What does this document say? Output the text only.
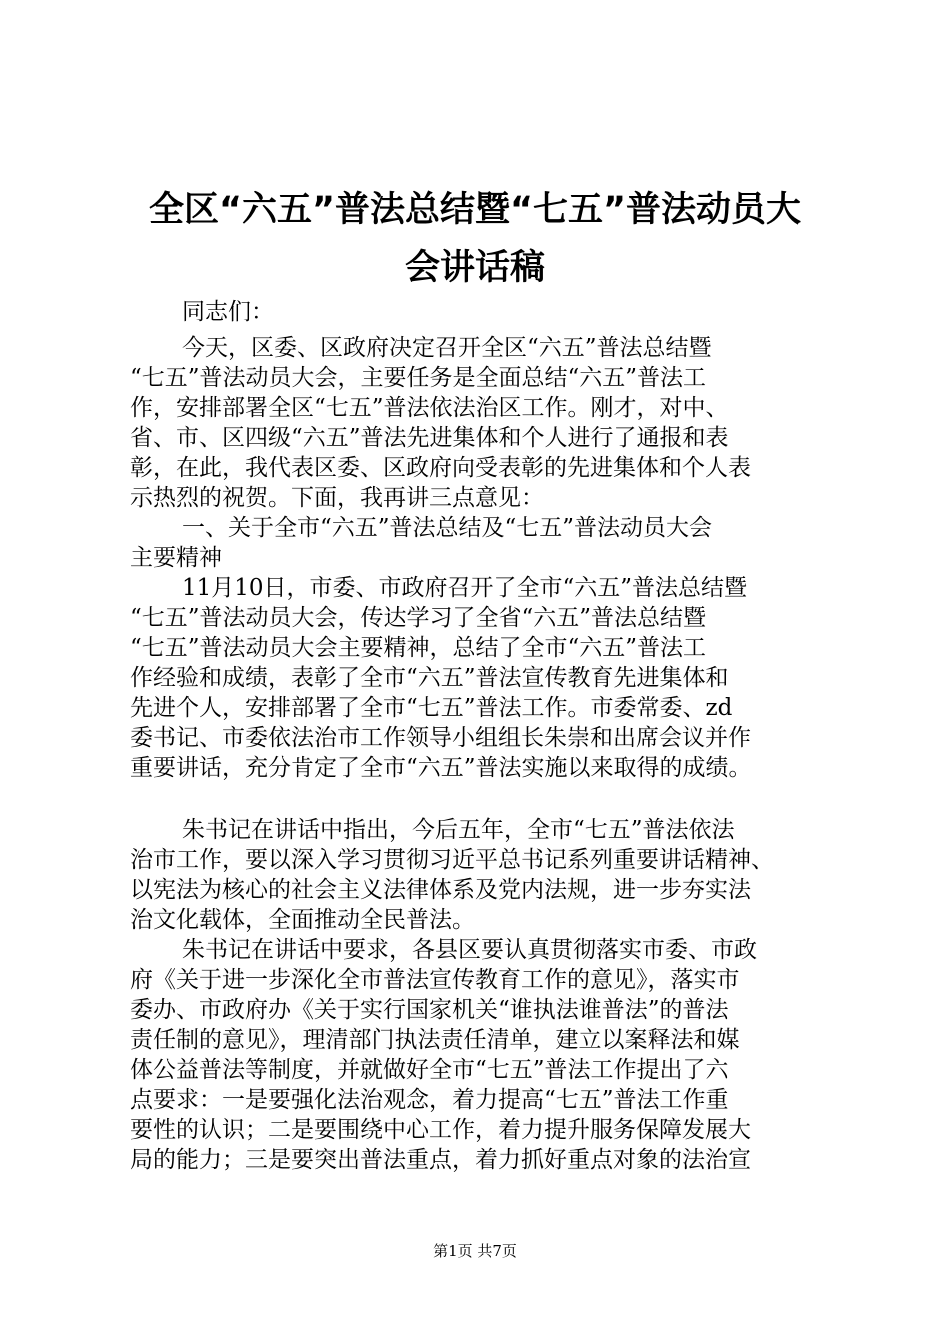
全区“六五”普法总结暨“七五”普法动员大
会讲话稿
同志们：
今天，区委、区政府决定召开全区“六五”普法总结暨
“七五”普法动员大会，主要任务是全面总结“六五”普法工
作，安排部署全区“七五”普法依法治区工作。刚才，对中、
省、市、区四级“六五”普法先进集体和个人进行了通报和表
彰，在此，我代表区委、区政府向受表彰的先进集体和个人表
示热烈的祝贺。下面，我再讲三点意见：
一、关于全市“六五”普法总结及“七五”普法动员大会
主要精神
11月10日，市委、市政府召开了全市“六五”普法总结暨
“七五”普法动员大会，传达学习了全省“六五”普法总结暨
“七五”普法动员大会主要精神，总结了全市“六五”普法工
作经验和成绩，表彰了全市“六五”普法宣传教育先进集体和
先进个人，安排部署了全市“七五”普法工作。市委常委、zd
委书记、市委依法治市工作领导小组组长朱崇和出席会议并作
重要讲话，充分肯定了全市“六五”普法实施以来取得的成绩。
朱书记在讲话中指出，今后五年，全市“七五”普法依法
治市工作，要以深入学习贯彻习近平总书记系列重要讲话精神、
以宪法为核心的社会主义法律体系及党内法规，进一步夯实法
治文化载体，全面推动全民普法。
朱书记在讲话中要求，各县区要认真贯彻落实市委、市政
府《关于进一步深化全市普法宣传教育工作的意见》，落实市
委办、市政府办《关于实行国家机关“谁执法谁普法”的普法
责任制的意见》，理清部门执法责任清单，建立以案释法和媒
体公益普法等制度，并就做好全市“七五”普法工作提出了六
点要求：一是要强化法治观念，着力提高“七五”普法工作重
要性的认识；二是要围绕中心工作，着力提升服务保障发展大
局的能力；三是要突出普法重点，着力抓好重点对象的法治宣
第1页 共7页
